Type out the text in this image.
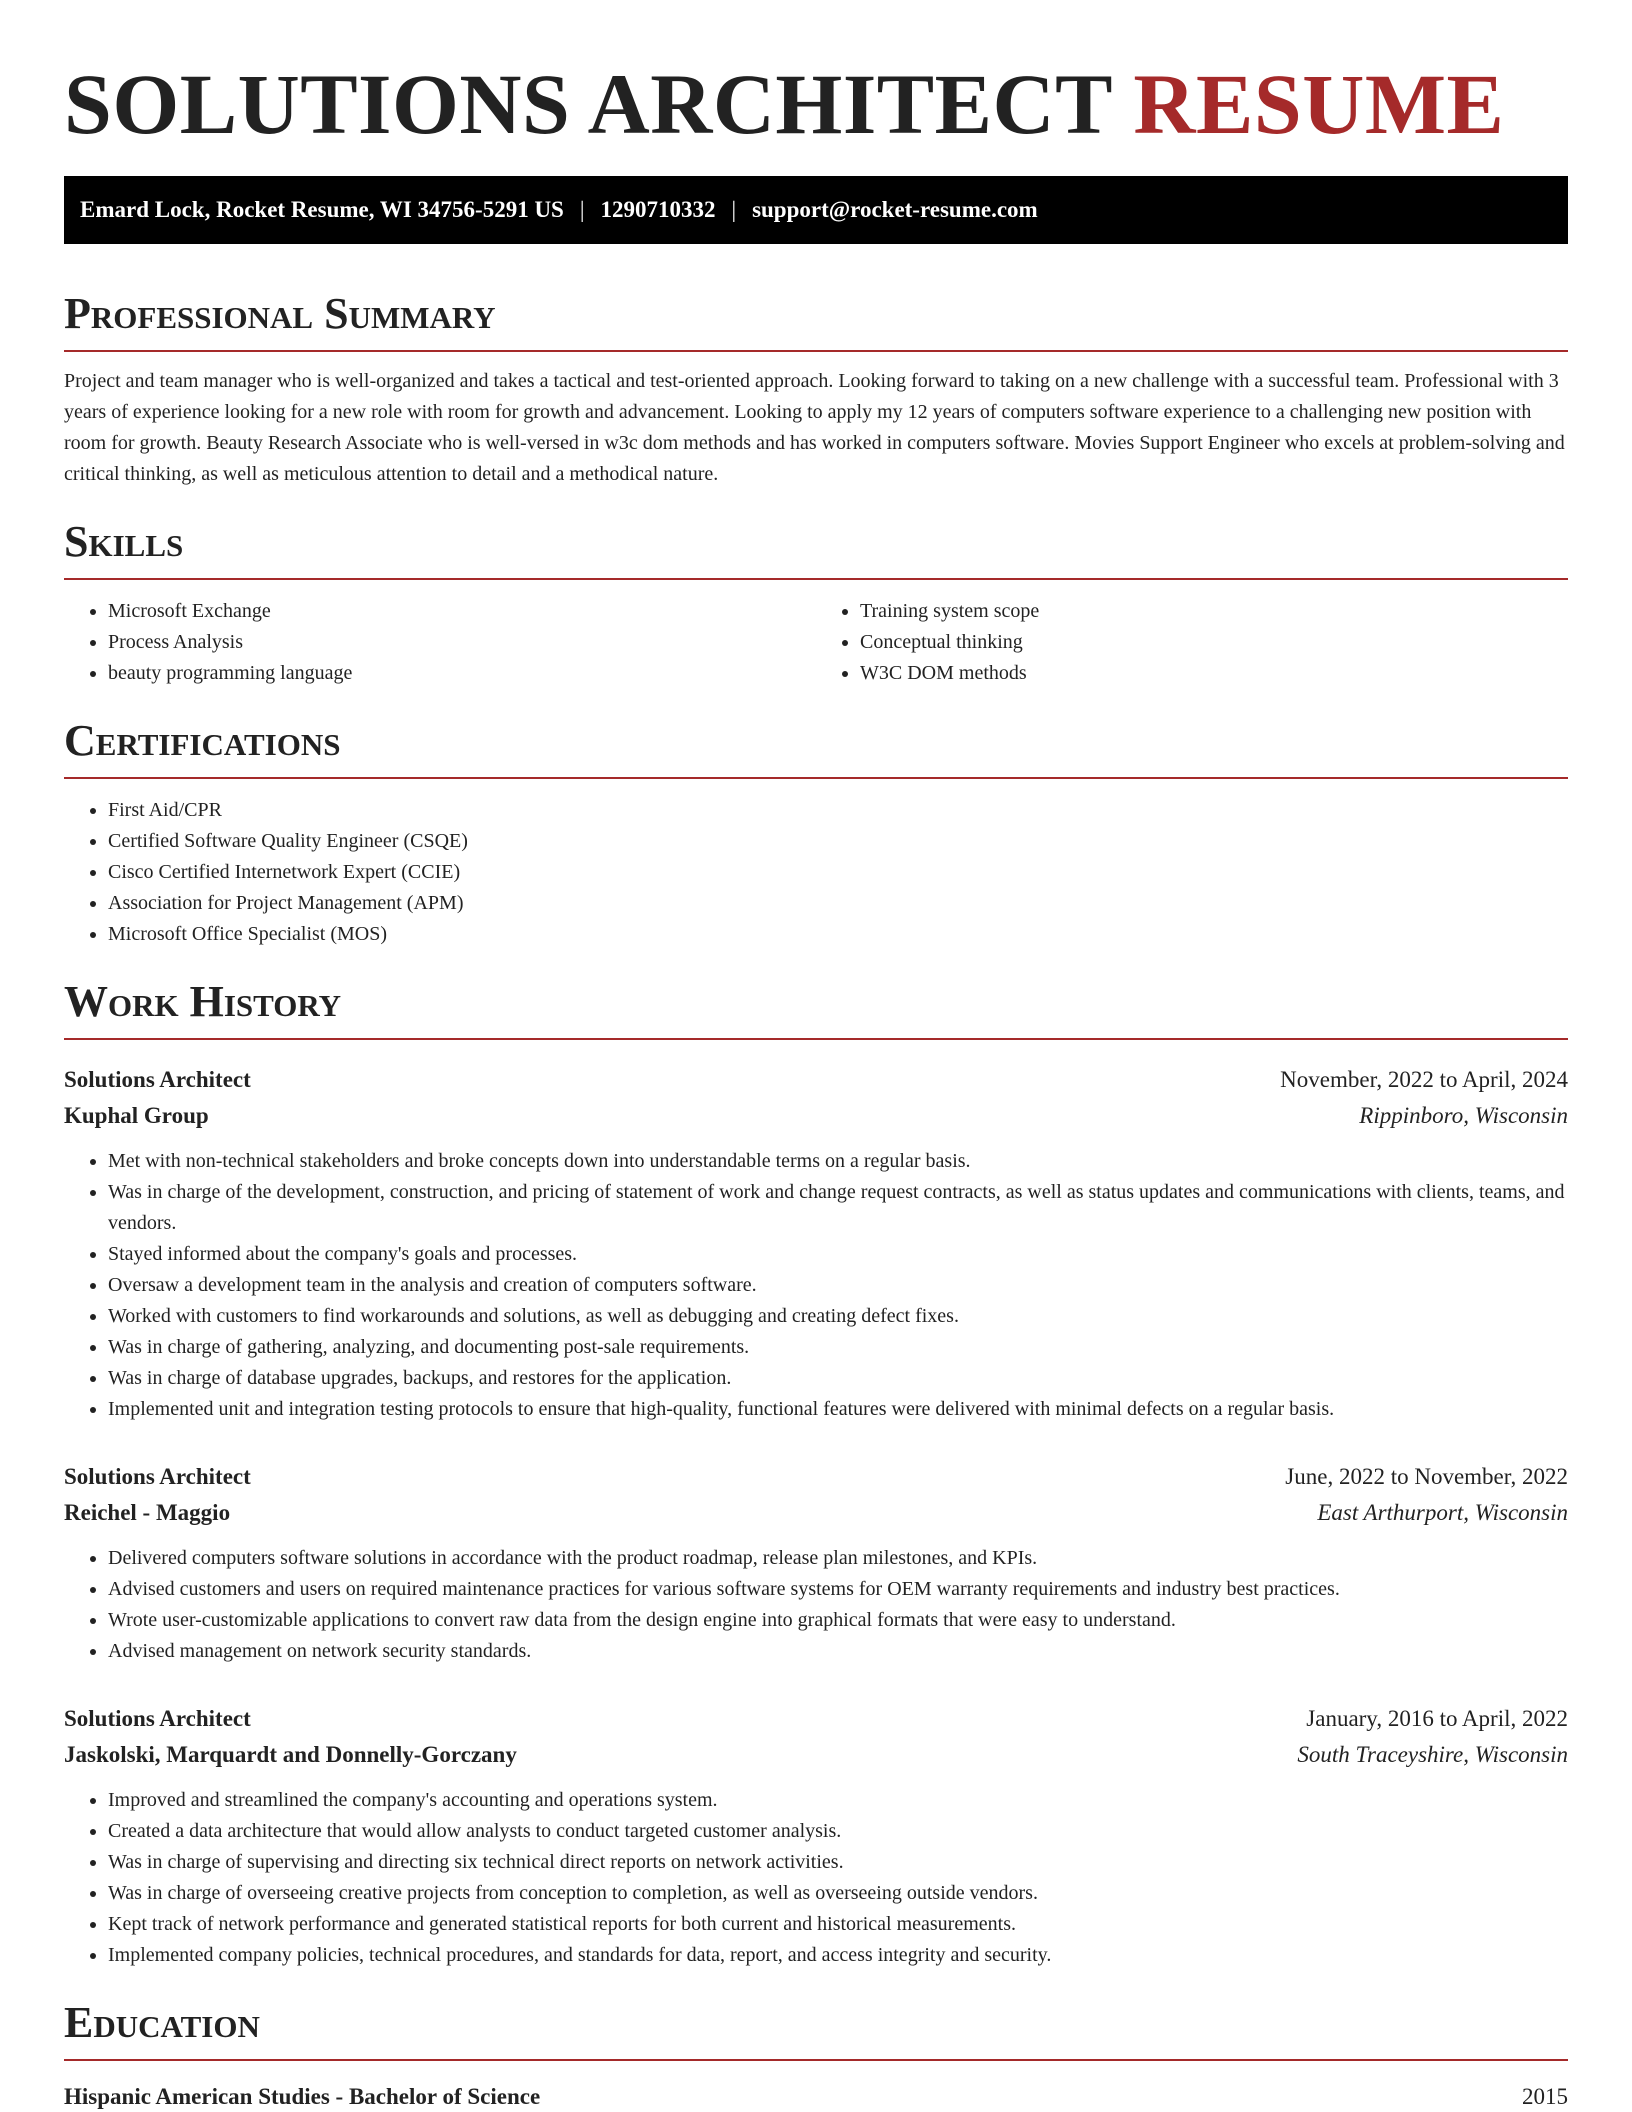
SOLUTIONS ARCHITECT RESUME
Emard Lock, Rocket Resume, WI 34756-5291 US | 1290710332 | support@rocket-resume.com
Professional Summary

Project and team manager who is well-organized and takes a tactical and test-oriented approach. Looking forward to taking on a new challenge with a successful team. Professional with 3 years of experience looking for a new role with room for growth and advancement. Looking to apply my 12 years of computers software experience to a challenging new position with room for growth. Beauty Research Associate who is well-versed in w3c dom methods and has worked in computers software. Movies Support Engineer who excels at problem-solving and critical thinking, as well as meticulous attention to detail and a methodical nature.

Skills
• Microsoft Exchange
• Process Analysis
• beauty programming language
• Training system scope
• Conceptual thinking
• W3C DOM methods
Certifications
• First Aid/CPR
• Certified Software Quality Engineer (CSQE)
• Cisco Certified Internetwork Expert (CCIE)
• Association for Project Management (APM)
• Microsoft Office Specialist (MOS)
Work History
Solutions Architect	November, 2022 to April, 2024
Kuphal Group	Rippinboro, Wisconsin
• Met with non-technical stakeholders and broke concepts down into understandable terms on a regular basis.
• Was in charge of the development, construction, and pricing of statement of work and change request contracts, as well as status updates and communications with clients, teams, and vendors.
• Stayed informed about the company's goals and processes.
• Oversaw a development team in the analysis and creation of computers software.
• Worked with customers to find workarounds and solutions, as well as debugging and creating defect fixes.
• Was in charge of gathering, analyzing, and documenting post-sale requirements.
• Was in charge of database upgrades, backups, and restores for the application.
• Implemented unit and integration testing protocols to ensure that high-quality, functional features were delivered with minimal defects on a regular basis.
Solutions Architect	June, 2022 to November, 2022
Reichel - Maggio	East Arthurport, Wisconsin
• Delivered computers software solutions in accordance with the product roadmap, release plan milestones, and KPIs.
• Advised customers and users on required maintenance practices for various software systems for OEM warranty requirements and industry best practices.
• Wrote user-customizable applications to convert raw data from the design engine into graphical formats that were easy to understand.
• Advised management on network security standards.
Solutions Architect	January, 2016 to April, 2022
Jaskolski, Marquardt and Donnelly-Gorczany	South Traceyshire, Wisconsin
• Improved and streamlined the company's accounting and operations system.
• Created a data architecture that would allow analysts to conduct targeted customer analysis.
• Was in charge of supervising and directing six technical direct reports on network activities.
• Was in charge of overseeing creative projects from conception to completion, as well as overseeing outside vendors.
• Kept track of network performance and generated statistical reports for both current and historical measurements.
• Implemented company policies, technical procedures, and standards for data, report, and access integrity and security.
Education
Hispanic American Studies - Bachelor of Science	2015
